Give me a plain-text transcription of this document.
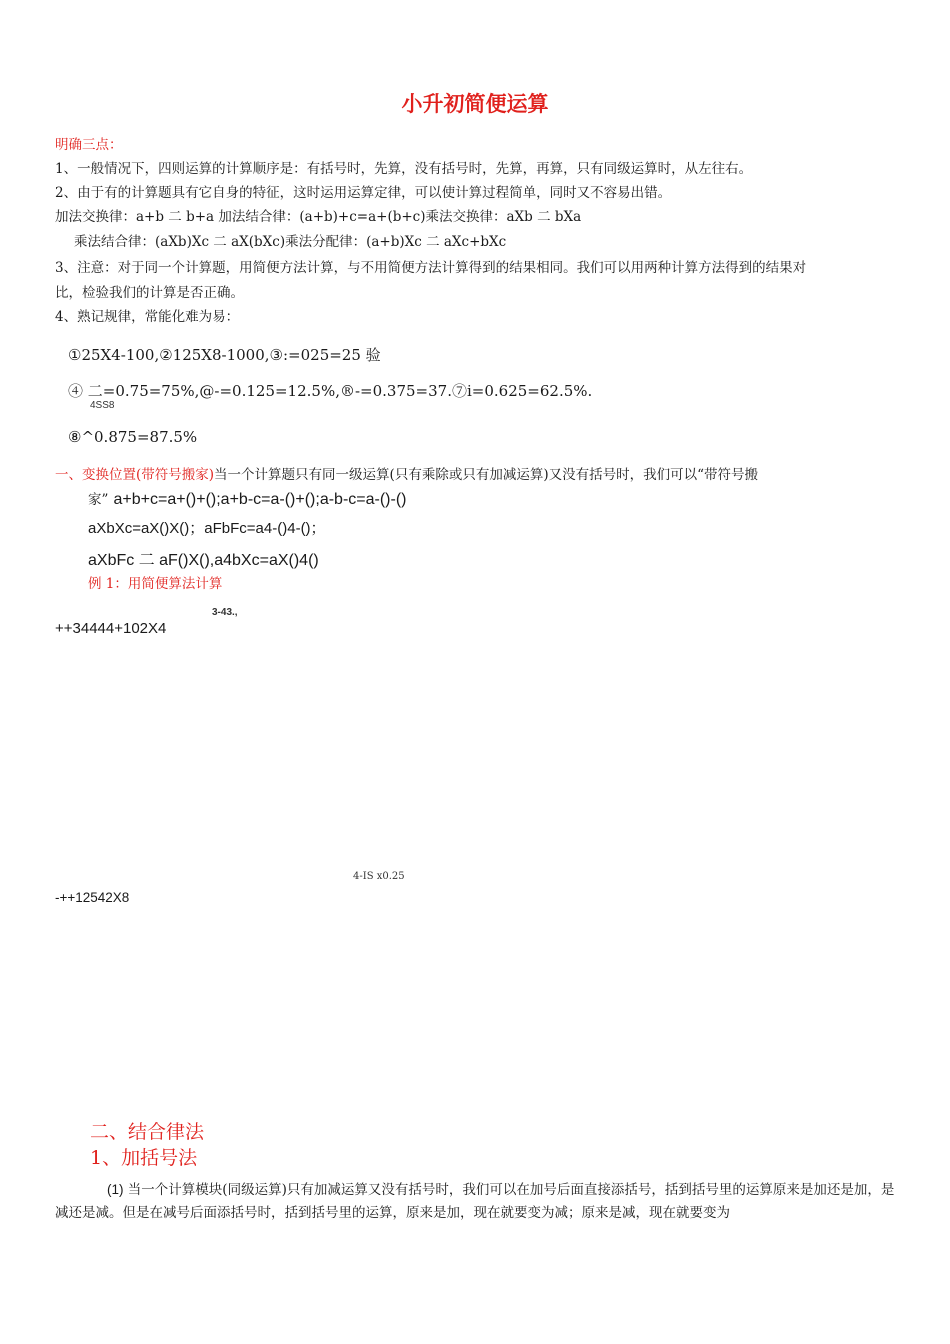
小升初简便运算
明确三点：
1、一般情况下，四则运算的计算顺序是：有括号时，先算，没有括号时，先算，再算，只有同级运算时，从左往右。
2、由于有的计算题具有它自身的特征，这时运用运算定律，可以使计算过程简单，同时又不容易出错。
加法交换律：a+b 二 b+a 加法结合律：(a+b)+c=a+(b+c)乘法交换律：aXb 二 bXa
乘法结合律：(aXb)Xc 二 aX(bXc)乘法分配律：(a+b)Xc 二 aXc+bXc
3、注意：对于同一个计算题，用简便方法计算，与不用简便方法计算得到的结果相同。我们可以用两种计算方法得到的结果对
比，检验我们的计算是否正确。
4、熟记规律，常能化难为易：
①25X4-100,②125X8-1000,③:=025=25 验
④ 二=0.75=75%,@-=0.125=12.5%,®-=0.375=37.⑦i=0.625=62.5%.
4SS8
⑧^0.875=87.5%
一、变换位置(带符号搬家)当一个计算题只有同一级运算(只有乘除或只有加减运算)又没有括号时，我们可以“带符号搬
家” a+b+c=a+()+();a+b-c=a-()+();a-b-c=a-()-()
aXbXc=aX()X()；aFbFc=a4-()4-()；
aXbFc 二 aF()X(),a4bXc=aX()4()
例 1：用简便算法计算
3-43.,
++34444+102X4
4-IS x0.25
-++12542X8
二、结合律法
1、加括号法
(1) 当一个计算模块(同级运算)只有加减运算又没有括号时，我们可以在加号后面直接添括号，括到括号里的运算原来是加还是加，是减还是减。但是在减号后面添括号时，括到括号里的运算，原来是加，现在就要变为减；原来是减，现在就要变为
